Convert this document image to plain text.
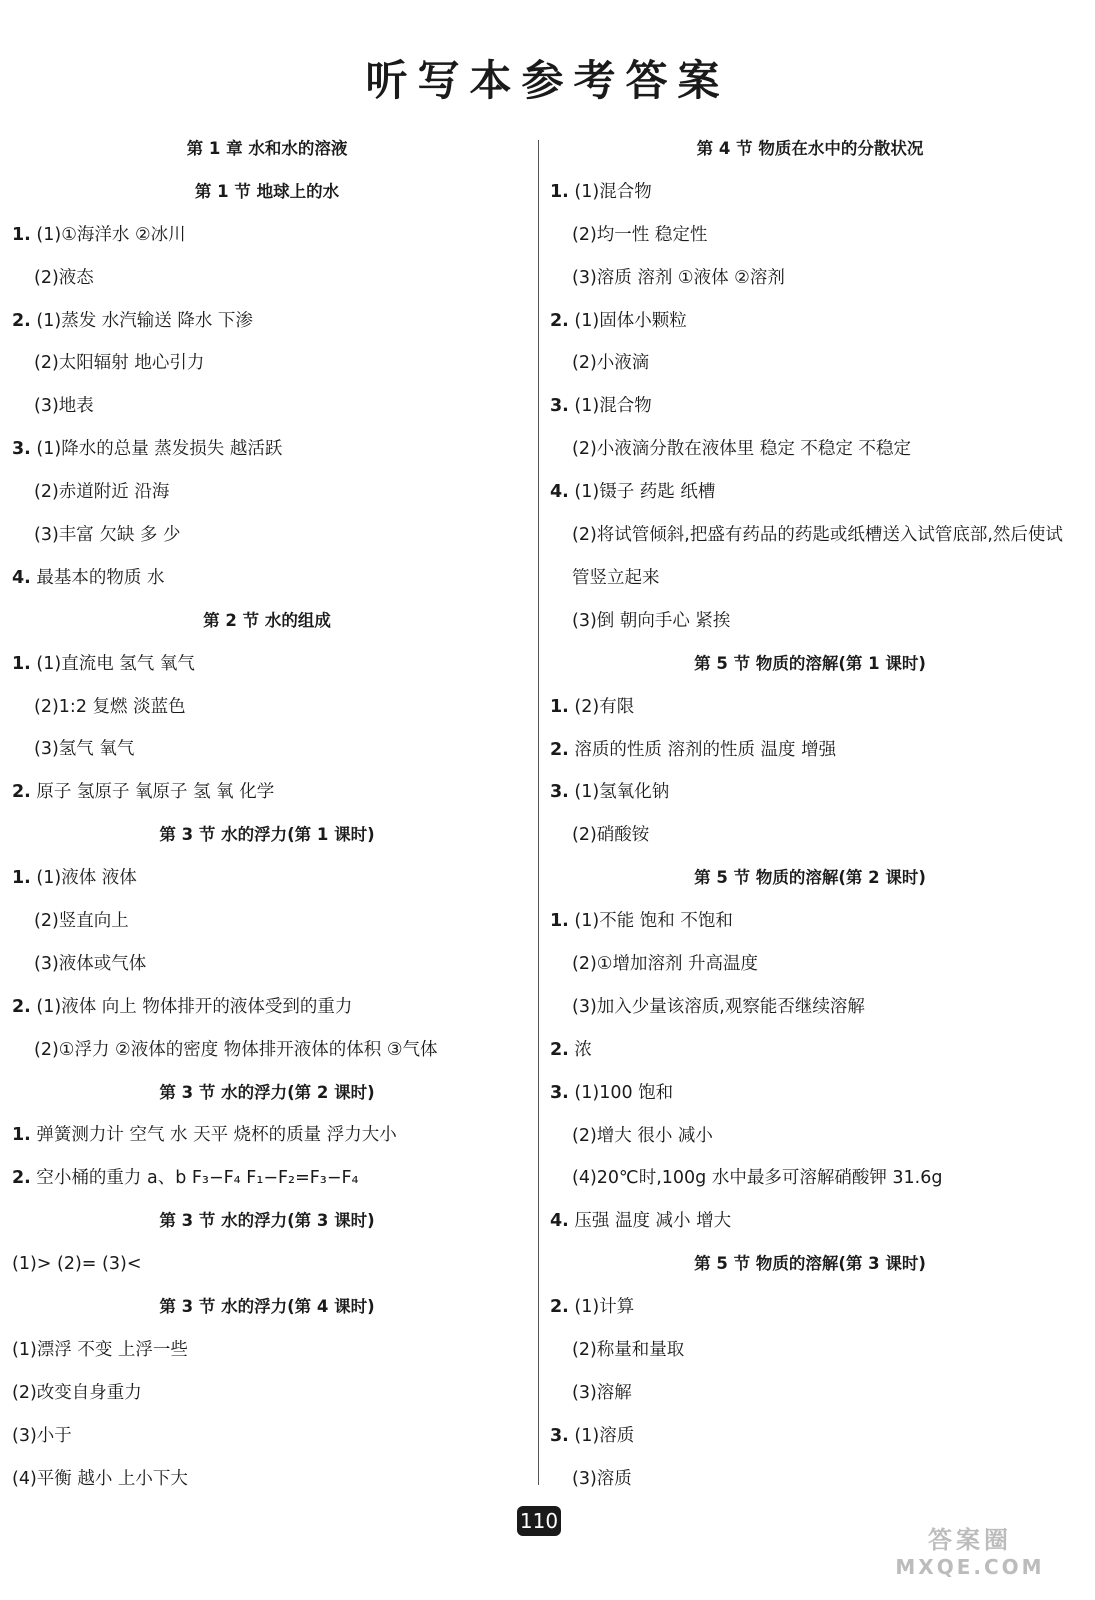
听写本参考答案
第 1 章 水和水的溶液
第 1 节 地球上的水
1. (1)①海洋水 ②冰川
(2)液态
2. (1)蒸发 水汽输送 降水 下渗
(2)太阳辐射 地心引力
(3)地表
3. (1)降水的总量 蒸发损失 越活跃
(2)赤道附近 沿海
(3)丰富 欠缺 多 少
4. 最基本的物质 水
第 2 节 水的组成
1. (1)直流电 氢气 氧气
(2)1:2 复燃 淡蓝色
(3)氢气 氧气
2. 原子 氢原子 氧原子 氢 氧 化学
第 3 节 水的浮力(第 1 课时)
1. (1)液体 液体
(2)竖直向上
(3)液体或气体
2. (1)液体 向上 物体排开的液体受到的重力
(2)①浮力 ②液体的密度 物体排开液体的体积 ③气体
第 3 节 水的浮力(第 2 课时)
1. 弹簧测力计 空气 水 天平 烧杯的质量 浮力大小
2. 空小桶的重力 a、b F₃−F₄ F₁−F₂=F₃−F₄
第 3 节 水的浮力(第 3 课时)
(1)> (2)= (3)<
第 3 节 水的浮力(第 4 课时)
(1)漂浮 不变 上浮一些
(2)改变自身重力
(3)小于
(4)平衡 越小 上小下大
第 4 节 物质在水中的分散状况
1. (1)混合物
(2)均一性 稳定性
(3)溶质 溶剂 ①液体 ②溶剂
2. (1)固体小颗粒
(2)小液滴
3. (1)混合物
(2)小液滴分散在液体里 稳定 不稳定 不稳定
4. (1)镊子 药匙 纸槽
(2)将试管倾斜,把盛有药品的药匙或纸槽送入试管底部,然后使试管竖立起来
(3)倒 朝向手心 紧挨
第 5 节 物质的溶解(第 1 课时)
1. (2)有限
2. 溶质的性质 溶剂的性质 温度 增强
3. (1)氢氧化钠
(2)硝酸铵
第 5 节 物质的溶解(第 2 课时)
1. (1)不能 饱和 不饱和
(2)①增加溶剂 升高温度
(3)加入少量该溶质,观察能否继续溶解
2. 浓
3. (1)100 饱和
(2)增大 很小 减小
(4)20℃时,100g 水中最多可溶解硝酸钾 31.6g
4. 压强 温度 减小 增大
第 5 节 物质的溶解(第 3 课时)
2. (1)计算
(2)称量和量取
(3)溶解
3. (1)溶质
(3)溶质
110
答案圈
MXQE.COM
